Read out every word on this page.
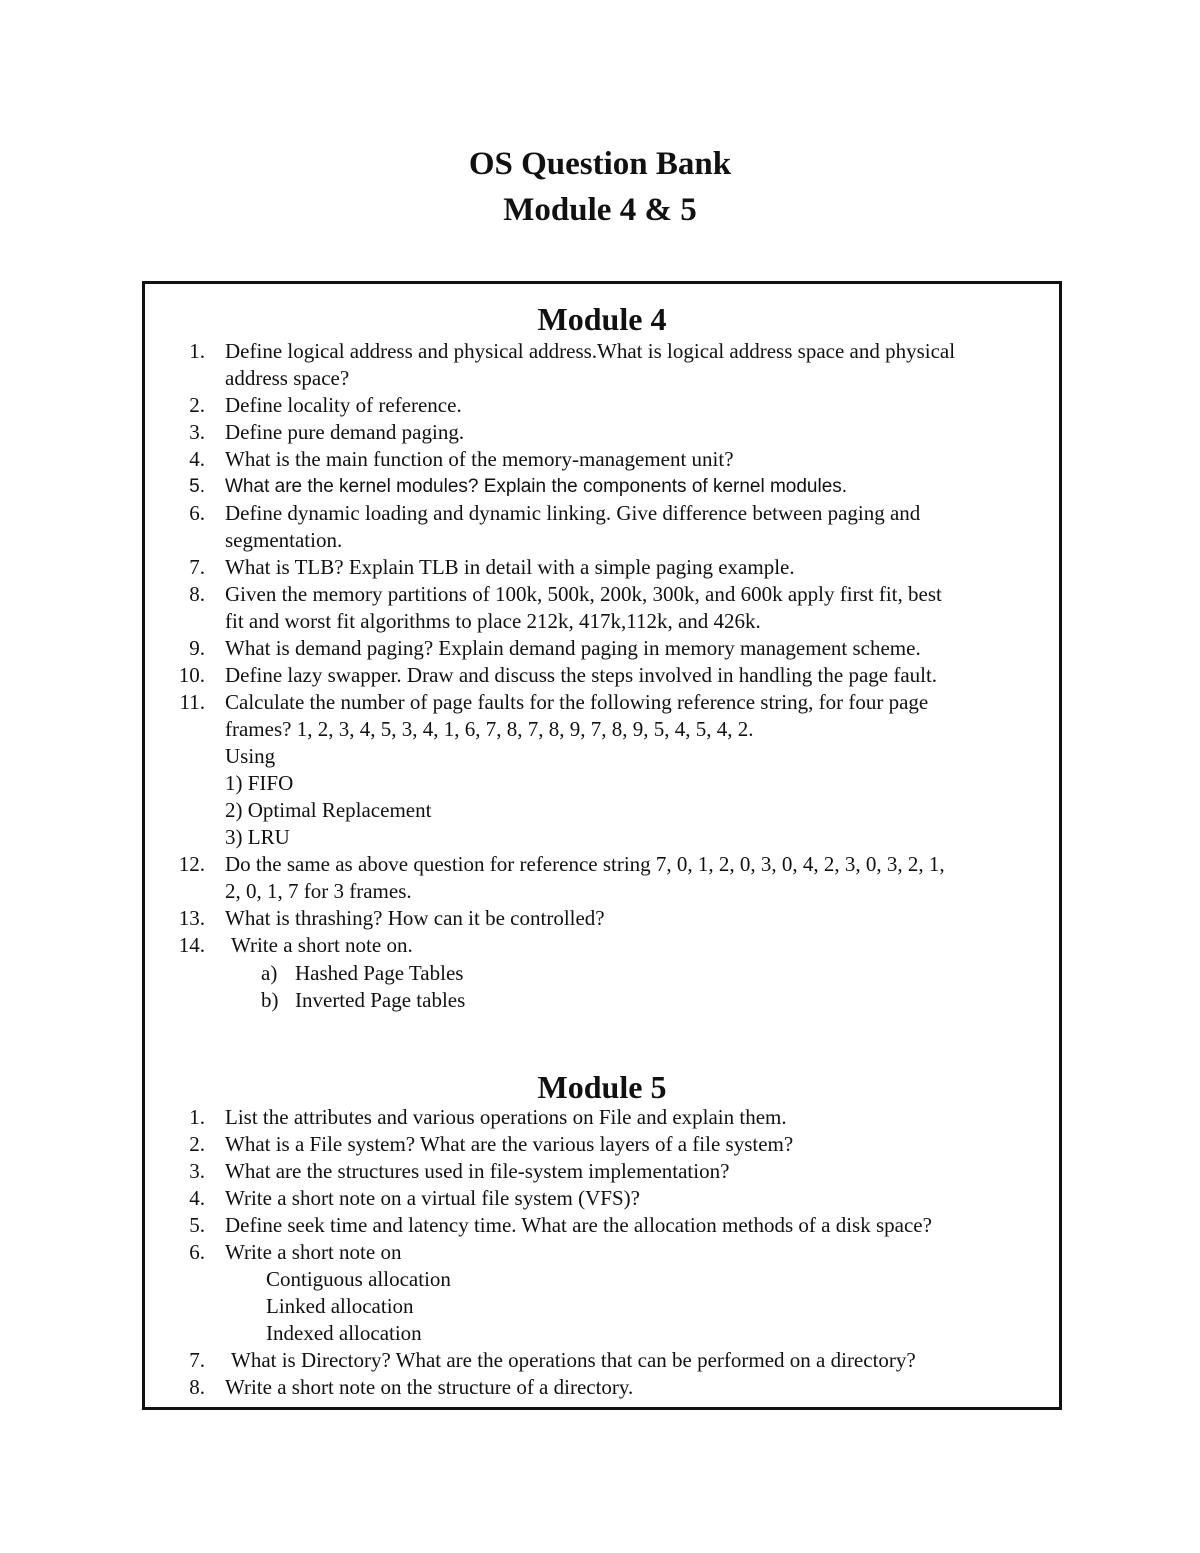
OS Question Bank
Module 4 & 5
Module 4
1. Define logical address and physical address.What is logical address space and physical
address space?
2. Define locality of reference.
3. Define pure demand paging.
4. What is the main function of the memory-management unit?
5. What are the kernel modules? Explain the components of kernel modules.
6. Define dynamic loading and dynamic linking. Give difference between paging and
segmentation.
7. What is TLB? Explain TLB in detail with a simple paging example.
8. Given the memory partitions of 100k, 500k, 200k, 300k, and 600k apply first fit, best
fit and worst fit algorithms to place 212k, 417k,112k, and 426k.
9. What is demand paging? Explain demand paging in memory management scheme.
10. Define lazy swapper. Draw and discuss the steps involved in handling the page fault.
11. Calculate the number of page faults for the following reference string, for four page
frames? 1, 2, 3, 4, 5, 3, 4, 1, 6, 7, 8, 7, 8, 9, 7, 8, 9, 5, 4, 5, 4, 2.
Using
1) FIFO
2) Optimal Replacement
3) LRU
12. Do the same as above question for reference string 7, 0, 1, 2, 0, 3, 0, 4, 2, 3, 0, 3, 2, 1,
2, 0, 1, 7 for 3 frames.
13. What is thrashing? How can it be controlled?
14. Write a short note on.
a) Hashed Page Tables
b) Inverted Page tables
Module 5
1. List the attributes and various operations on File and explain them.
2. What is a File system? What are the various layers of a file system?
3. What are the structures used in file-system implementation?
4. Write a short note on a virtual file system (VFS)?
5. Define seek time and latency time. What are the allocation methods of a disk space?
6. Write a short note on
Contiguous allocation
Linked allocation
Indexed allocation
7. What is Directory? What are the operations that can be performed on a directory?
8. Write a short note on the structure of a directory.
